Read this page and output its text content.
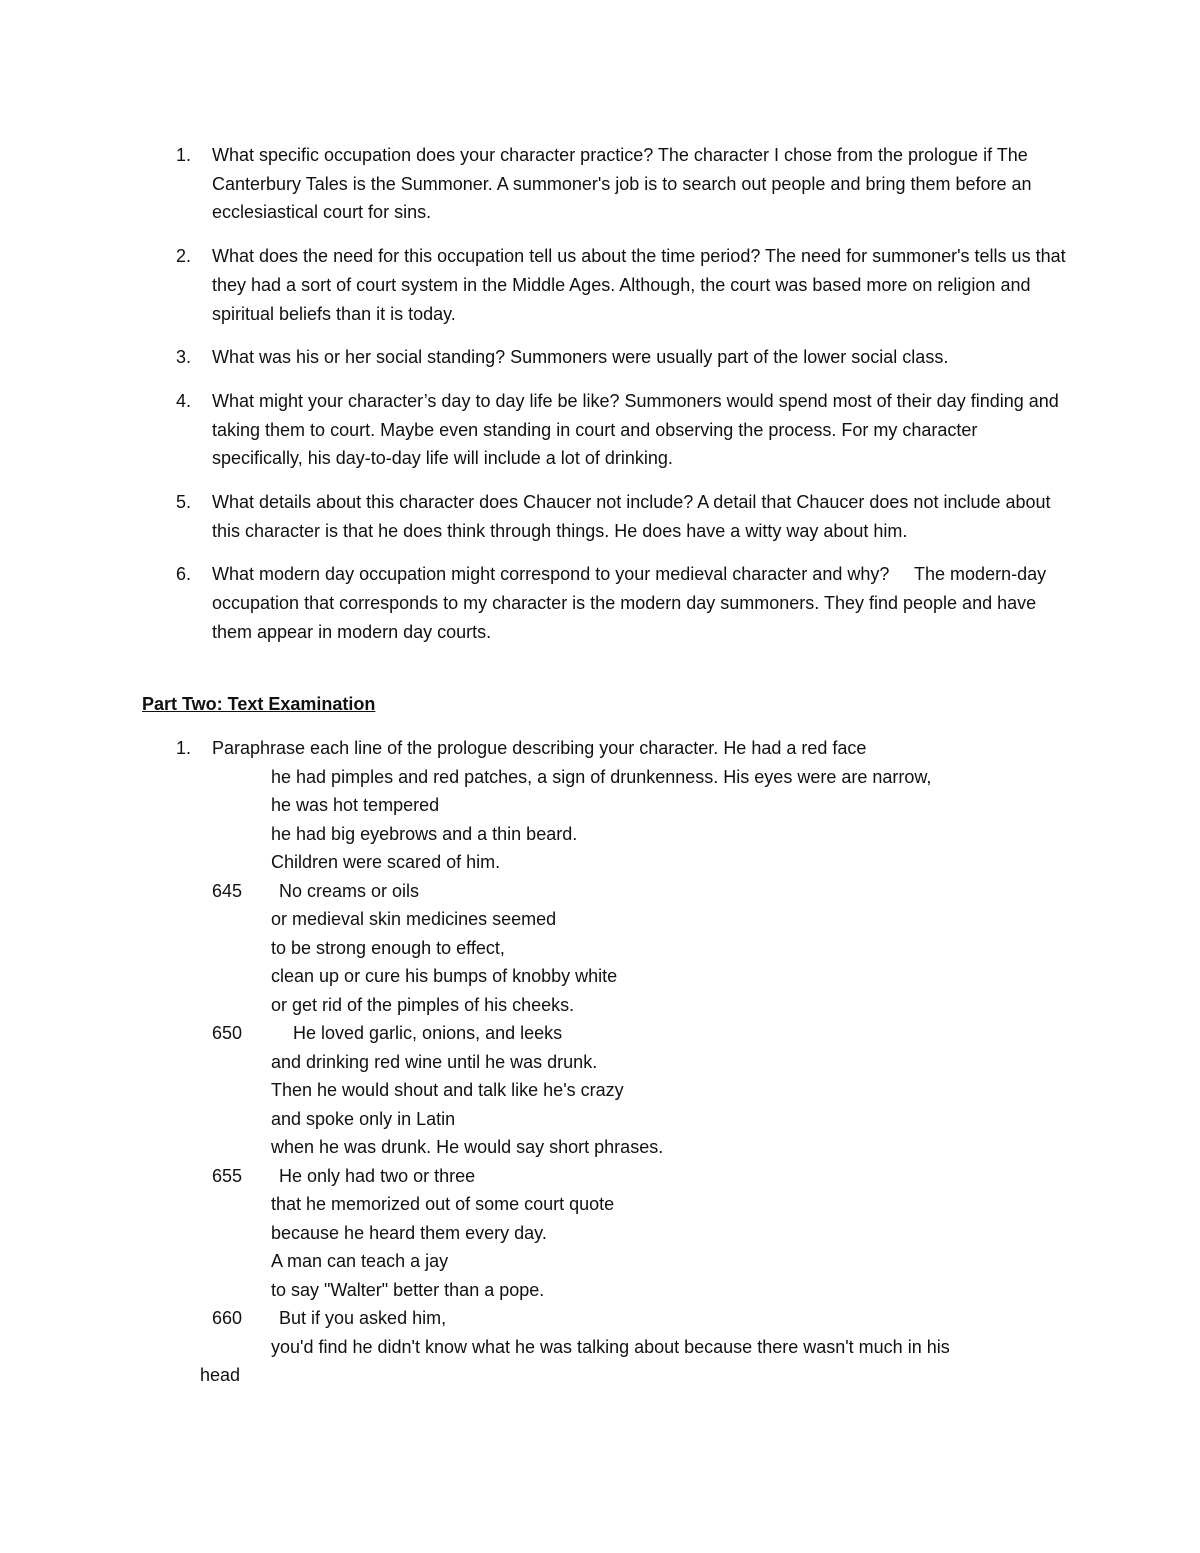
1. What specific occupation does your character practice? The character I chose from the prologue if The Canterbury Tales is the Summoner. A summoner's job is to search out people and bring them before an ecclesiastical court for sins.
2. What does the need for this occupation tell us about the time period? The need for summoner's tells us that they had a sort of court system in the Middle Ages. Although, the court was based more on religion and spiritual beliefs than it is today.
3. What was his or her social standing? Summoners were usually part of the lower social class.
4. What might your character’s day to day life be like? Summoners would spend most of their day finding and taking them to court. Maybe even standing in court and observing the process. For my character specifically, his day-to-day life will include a lot of drinking.
5. What details about this character does Chaucer not include? A detail that Chaucer does not include about this character is that he does think through things. He does have a witty way about him.
6. What modern day occupation might correspond to your medieval character and why?     The modern-day occupation that corresponds to my character is the modern day summoners. They find people and have them appear in modern day courts.
Part Two: Text Examination
1. Paraphrase each line of the prologue describing your character. He had a red face
he had pimples and red patches, a sign of drunkenness. His eyes were are narrow,
he was hot tempered
he had big eyebrows and a thin beard.
Children were scared of him.
645 No creams or oils
or medieval skin medicines seemed
to be strong enough to effect,
clean up or cure his bumps of knobby white
or get rid of the pimples of his cheeks.
650	He loved garlic, onions, and leeks
and drinking red wine until he was drunk.
Then he would shout and talk like he's crazy
and spoke only in Latin
when he was drunk. He would say short phrases.
655 He only had two or three
that he memorized out of some court quote
because he heard them every day.
A man can teach a jay
to say "Walter" better than a pope.
660 But if you asked him,
you'd find he didn't know what he was talking about because there wasn't much in his
head
